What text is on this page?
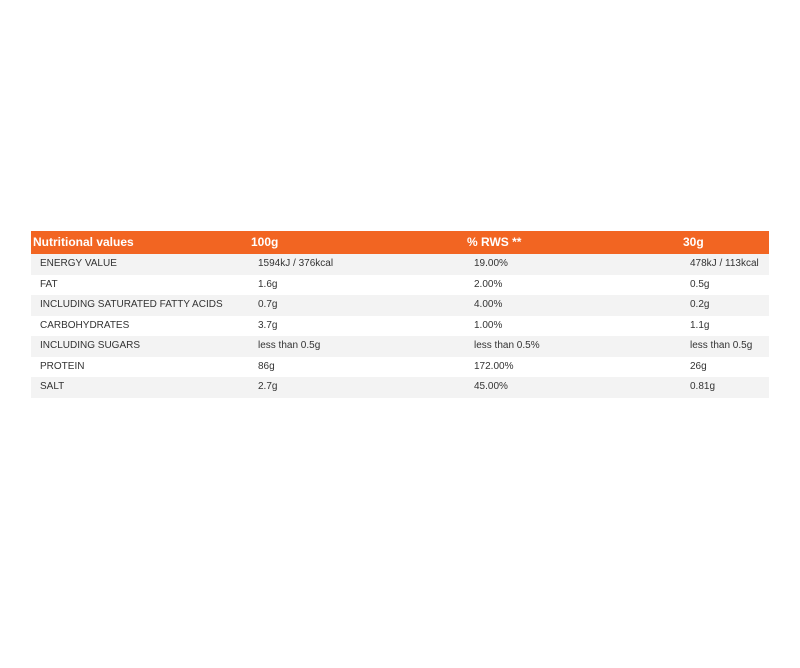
Nutritional values	100g	% RWS **	30g
ENERGY VALUE	1594kJ / 376kcal	19.00%	478kJ / 113kcal
FAT	1.6g	2.00%	0.5g
INCLUDING SATURATED FATTY ACIDS	0.7g	4.00%	0.2g
CARBOHYDRATES	3.7g	1.00%	1.1g
INCLUDING SUGARS	less than 0.5g	less than 0.5%	less than 0.5g
PROTEIN	86g	172.00%	26g
SALT	2.7g	45.00%	0.81g
